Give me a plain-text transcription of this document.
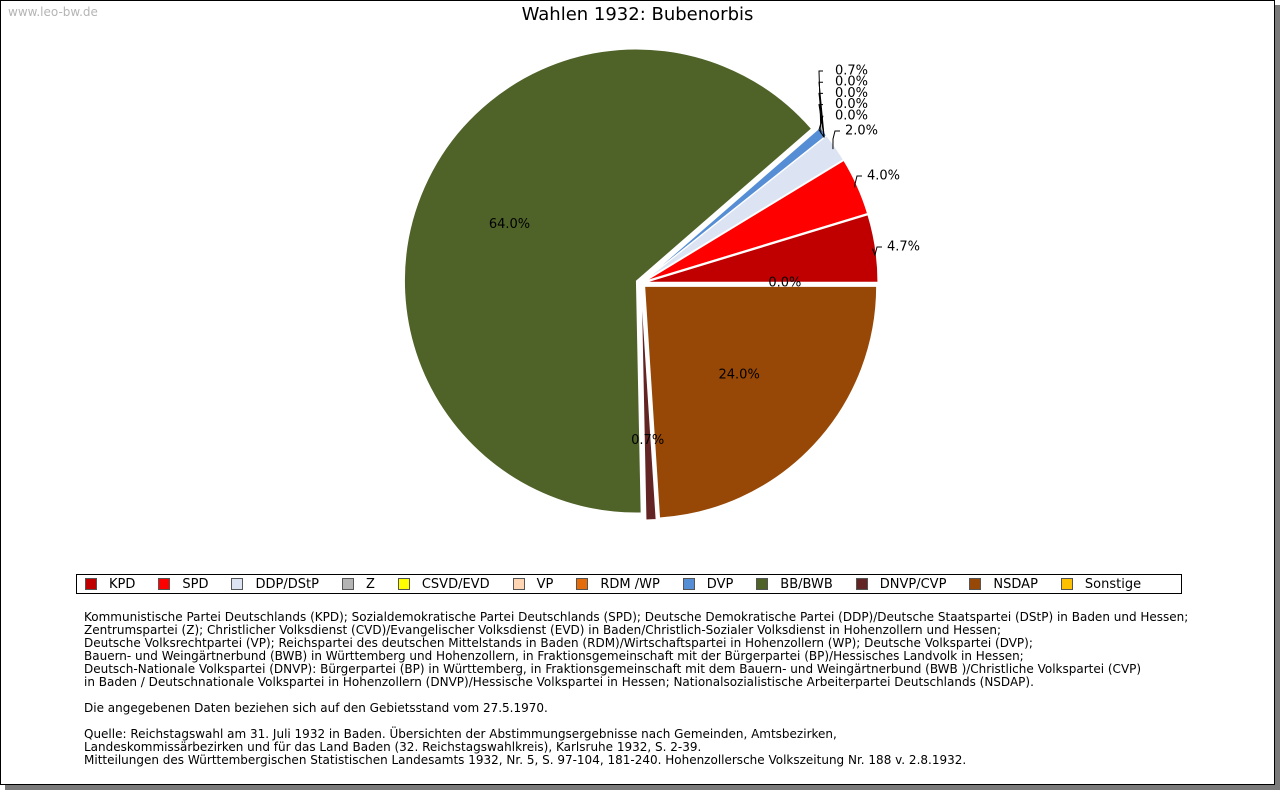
www.leo-bw.de	Wahlen 1932: Bubenorbis
64.0%
0.7%
24.0%
0.0%
0.7%
0.0%
0.0%
0.0%
0.0%
2.0%
4.0%
4.7%
KPD	SPD	DDP/DStP	Z	CSVD/EVD	VP	RDM /WP	DVP	BB/BWB	DNVP/CVP	NSDAP	Sonstige
Kommunistische Partei Deutschlands (KPD); Sozialdemokratische Partei Deutschlands (SPD); Deutsche Demokratische Partei (DDP)/Deutsche Staatspartei (DStP) in Baden und Hessen;
Zentrumspartei (Z); Christlicher Volksdienst (CVD)/Evangelischer Volksdienst (EVD) in Baden/Christlich-Sozialer Volksdienst in Hohenzollern und Hessen;
Deutsche Volksrechtpartei (VP); Reichspartei des deutschen Mittelstands in Baden (RDM)/Wirtschaftspartei in Hohenzollern (WP); Deutsche Volkspartei (DVP);
Bauern- und Weingärtnerbund (BWB) in Württemberg und Hohenzollern, in Fraktionsgemeinschaft mit der Bürgerpartei (BP)/Hessisches Landvolk in Hessen;
Deutsch-Nationale Volkspartei (DNVP): Bürgerpartei (BP) in Württemberg, in Fraktionsgemeinschaft mit dem Bauern- und Weingärtnerbund (BWB )/Christliche Volkspartei (CVP)
in Baden / Deutschnationale Volkspartei in Hohenzollern (DNVP)/Hessische Volkspartei in Hessen; Nationalsozialistische Arbeiterpartei Deutschlands (NSDAP).
Die angegebenen Daten beziehen sich auf den Gebietsstand vom 27.5.1970.
Quelle: Reichstagswahl am 31. Juli 1932 in Baden. Übersichten der Abstimmungsergebnisse nach Gemeinden, Amtsbezirken,
Landeskommissärbezirken und für das Land Baden (32. Reichstagswahlkreis), Karlsruhe 1932, S. 2-39.
Mitteilungen des Württembergischen Statistischen Landesamts 1932, Nr. 5, S. 97-104, 181-240. Hohenzollersche Volkszeitung Nr. 188 v. 2.8.1932.
